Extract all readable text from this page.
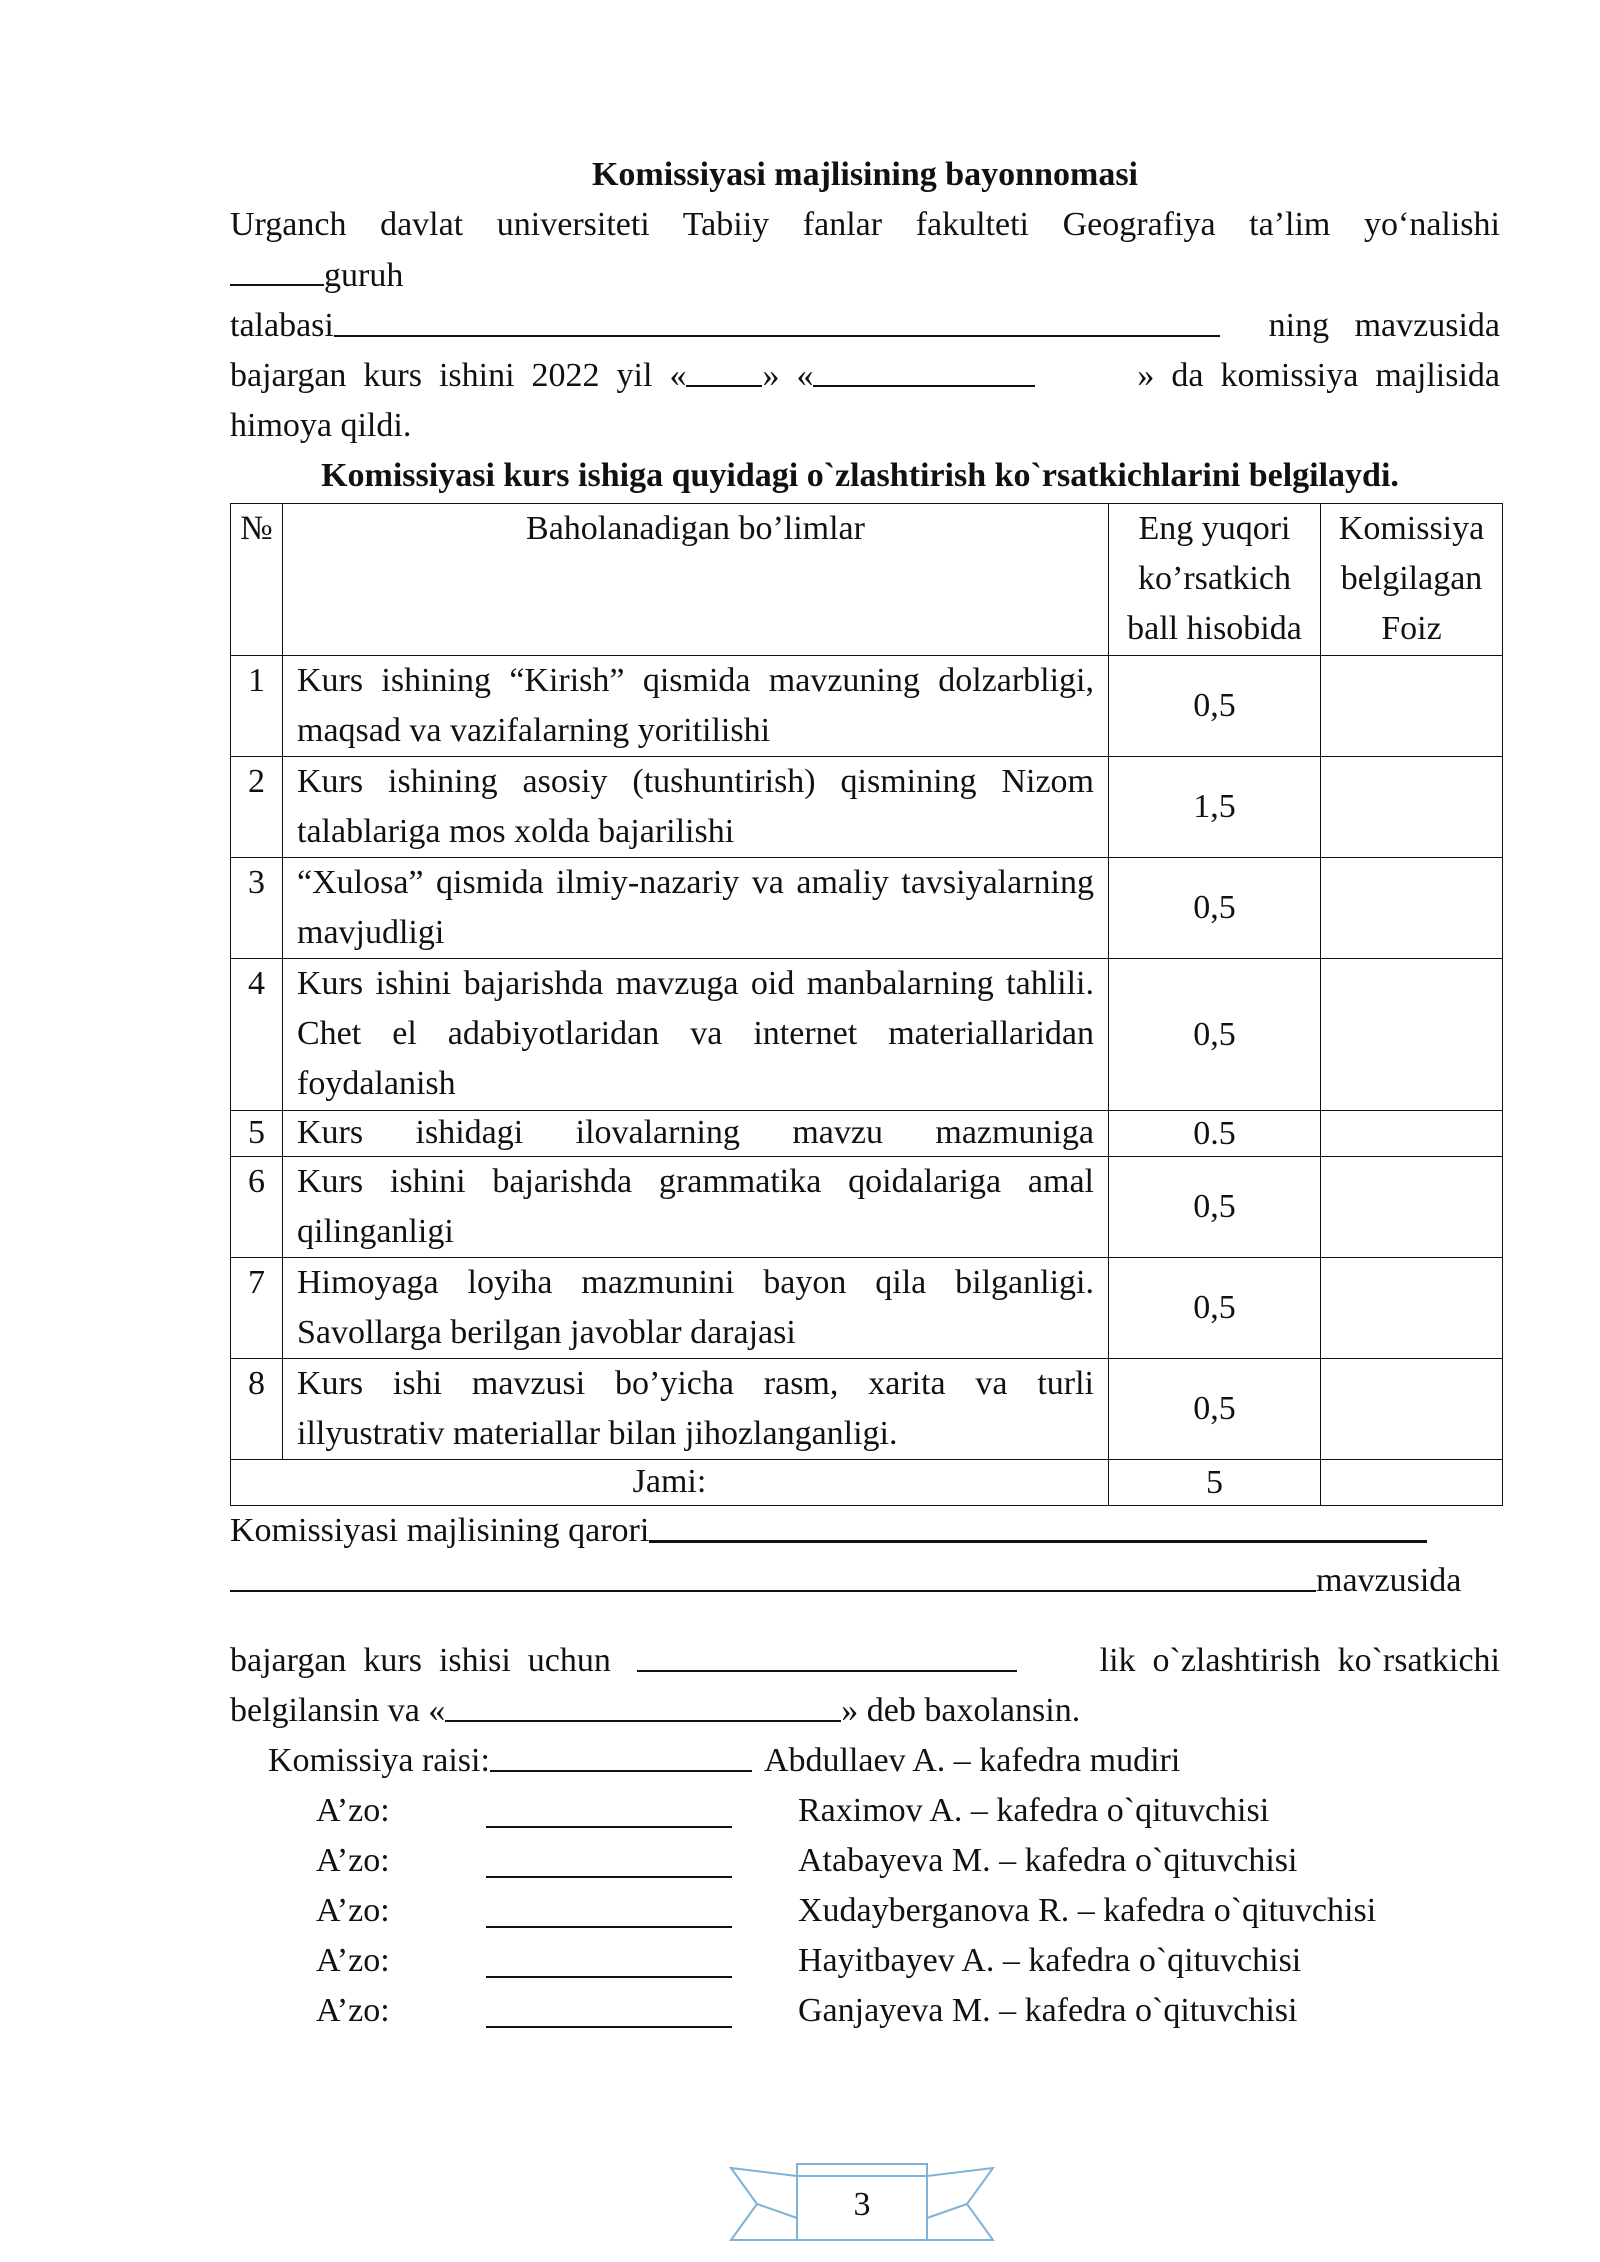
Komissiyasi majlisining bayonnomasi
Urganch davlat universiteti Tabiiy fanlar fakulteti Geografiya ta’lim yo‘nalishi
guruh
talabasi	ning   mavzusida
bajargan  kurs  ishini  2022  yil  « »  «	»  da  komissiya  majlisida
himoya qildi.
Komissiyasi kurs ishiga quyidagi o`zlashtirish ko`rsatkichlarini belgilaydi.
№	Baholanadigan bo’limlar	Eng yuqori ko’rsatkich ball hisobida	Komissiya belgilagan Foiz
1	Kurs ishining “Kirish” qismida mavzuning dolzarbligi, maqsad va vazifalarning yoritilishi	0,5	
2	Kurs ishining asosiy (tushuntirish) qismining Nizom talablariga mos xolda bajarilishi	1,5	
3	“Xulosa” qismida ilmiy-nazariy va amaliy tavsiyalarning mavjudligi	0,5	
4	Kurs ishini bajarishda mavzuga oid manbalarning tahlili. Chet el adabiyotlaridan va internet materiallaridan foydalanish	0,5	
5	Kurs ishidagi ilovalarning mavzu mazmuniga	0.5	
6	Kurs ishini bajarishda grammatika qoidalariga amal qilinganligi	0,5	
7	Himoyaga loyiha mazmunini bayon qila bilganligi. Savollarga berilgan javoblar darajasi	0,5	
8	Kurs ishi mavzusi bo’yicha rasm, xarita va turli illyustrativ materiallar bilan jihozlanganligi.	0,5	
Jami:		5	
Komissiyasi majlisining qarori
mavzusida
bajargan  kurs  ishisi  uchun	lik  o`zlashtirish  ko`rsatkichi
belgilansin va «	» deb baxolansin.
Komissiya raisi:	Abdullaev A. – kafedra mudiri
A’zo:	Raximov A. – kafedra o`qituvchisi
A’zo:	Atabayeva M. – kafedra o`qituvchisi
A’zo:	Xudayberganova R. – kafedra o`qituvchisi
A’zo:	Hayitbayev A. – kafedra o`qituvchisi
A’zo:	Ganjayeva M. – kafedra o`qituvchisi
3
